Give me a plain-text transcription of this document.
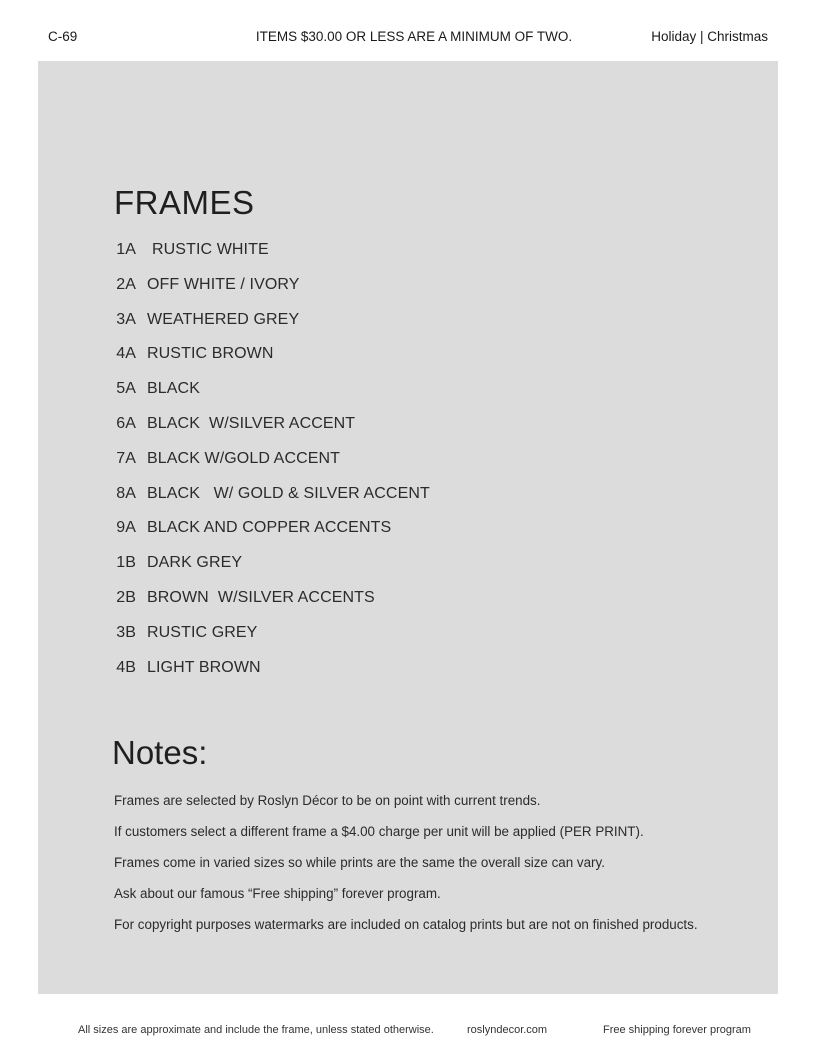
C-69	ITEMS $30.00 OR LESS ARE A MINIMUM OF TWO.	Holiday | Christmas
FRAMES
1A RUSTIC WHITE
2A OFF WHITE / IVORY
3A WEATHERED GREY
4A RUSTIC BROWN
5A BLACK
6A BLACK  W/SILVER ACCENT
7A BLACK W/GOLD ACCENT
8A BLACK   W/ GOLD & SILVER ACCENT
9A BLACK AND COPPER ACCENTS
1B DARK GREY
2B BROWN  W/SILVER ACCENTS
3B RUSTIC GREY
4B LIGHT BROWN
Notes:
Frames are selected by Roslyn Décor to be on point with current trends.
If customers select a different frame a $4.00 charge per unit will be applied (PER PRINT).
Frames come in varied sizes so while prints are the same the overall size can vary.
Ask about our famous “Free shipping” forever program.
For copyright purposes watermarks are included on catalog prints but are not on finished products.
All sizes are approximate and include the frame, unless stated otherwise.	roslyndecor.com	Free shipping forever program
